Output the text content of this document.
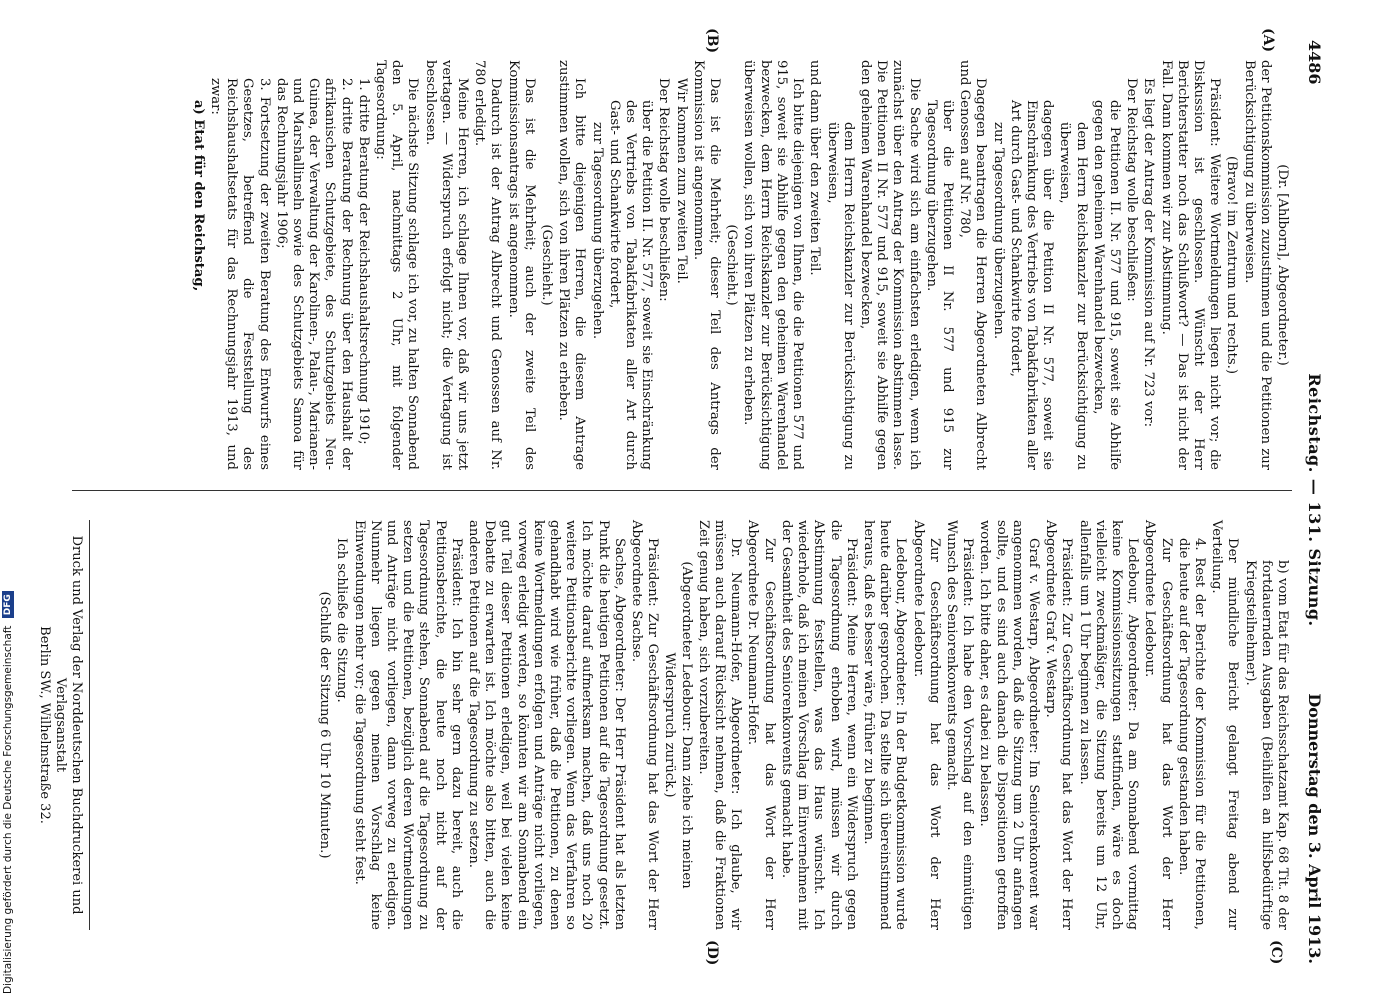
4486
Reichstag. — 131. Sitzung.
Donnerstag den 3. April 1913.
(A)
(B)
(C)
(D)

(Dr. [Ahlborn], Abgeordneter.)

der Petitionskommission zuzustimmen und die Petitionen zur Berücksichtigung zu überweisen.

(Bravo! im Zentrum und rechts.)

Präsident: Weitere Wortmeldungen liegen nicht vor; die Diskussion ist geschlossen. Wünscht der Herr Berichterstatter noch das Schlußwort? — Das ist nicht der Fall. Dann kommen wir zur Abstimmung.

Es liegt der Antrag der Kommission auf Nr. 723 vor:

Der Reichstag wolle beschließen:

die Petitionen II. Nr. 577 und 915, soweit sie Abhilfe gegen den geheimen Warenhandel bezwecken,

dem Herrn Reichskanzler zur Berücksichtigung zu überweisen,

dagegen über die Petition II Nr. 577, soweit sie Einschränkung des Vertriebs von Tabakfabrikaten aller Art durch Gast- und Schankwirte fordert,

zur Tagesordnung überzugehen.

Dagegen beantragen die Herren Abgeordneten Albrecht und Genossen auf Nr. 780,

über die Petitionen II Nr. 577 und 915 zur Tagesordnung überzugehen.

Die Sache wird sich am einfachsten erledigen, wenn ich zunächst über den Antrag der Kommission abstimmen lasse. Die Petitionen II Nr. 577 und 915, soweit sie Abhilfe gegen den geheimen Warenhandel bezwecken,

dem Herrn Reichskanzler zur Berücksichtigung zu überweisen,

und dann über den zweiten Teil.

Ich bitte diejenigen von Ihnen, die die Petitionen 577 und 915, soweit sie Abhilfe gegen den geheimen Warenhandel bezwecken, dem Herrn Reichskanzler zur Berücksichtigung überweisen wollen, sich von ihren Plätzen zu erheben.

(Geschieht.)

Das ist die Mehrheit; dieser Teil des Antrags der Kommission ist angenommen.

Wir kommen zum zweiten Teil.

Der Reichstag wolle beschließen:

über die Petition II. Nr. 577, soweit sie Einschränkung des Vertriebs von Tabakfabrikaten aller Art durch Gast- und Schankwirte fordert,

zur Tagesordnung überzugehen.

Ich bitte diejenigen Herren, die diesem Antrage zustimmen wollen, sich von ihren Plätzen zu erheben.

(Geschieht.)

Das ist die Mehrheit; auch der zweite Teil des Kommissionsantrags ist angenommen.

Dadurch ist der Antrag Albrecht und Genossen auf Nr. 780 erledigt.

Meine Herren, ich schlage Ihnen vor, daß wir uns jetzt vertagen. — Widerspruch erfolgt nicht; die Vertagung ist beschlossen.

Die nächste Sitzung schlage ich vor, zu halten Sonnabend den 5. April, nachmittags 2 Uhr, mit folgender Tagesordnung:

1. dritte Beratung der Reichshaushaltsrechnung 1910;

2. dritte Beratung der Rechnung über den Haushalt der afrikanischen Schutzgebiete, des Schutzgebiets Neu-Guinea, der Verwaltung der Karolinen-, Palau-, Marianen- und Marshallinseln sowie des Schutzgebiets Samoa für das Rechnungsjahr 1906;

3. Fortsetzung der zweiten Beratung des Entwurfs eines Gesetzes, betreffend die Feststellung des Reichshaushaltsetats für das Rechnungsjahr 1913, und zwar:

a) Etat für den Reichstag,

b) vom Etat für das Reichsschatzamt Kap. 68 Tit. 8 der fortdauernden Ausgaben (Beihilfen an hilfsbedürftige Kriegsteilnehmer).

Der mündliche Bericht gelangt Freitag abend zur Verteilung.

4. Rest der Berichte der Kommission für die Petitionen, die heute auf der Tagesordnung gestanden haben.

Zur Geschäftsordnung hat das Wort der Herr Abgeordnete Ledebour.

Ledebour, Abgeordneter: Da am Sonnabend vormittag keine Kommissionssitzungen stattfinden, wäre es doch vielleicht zweckmäßiger, die Sitzung bereits um 12 Uhr, allenfalls um 1 Uhr beginnen zu lassen.

Präsident: Zur Geschäftsordnung hat das Wort der Herr Abgeordnete Graf v. Westarp.

Graf v. Westarp, Abgeordneter: Im Seniorenkonvent war angenommen worden, daß die Sitzung um 2 Uhr anfangen sollte, und es sind auch danach die Dispositionen getroffen worden. Ich bitte daher, es dabei zu belassen.

Präsident: Ich habe den Vorschlag auf den einmütigen Wunsch des Seniorenkonvents gemacht.

Zur Geschäftsordnung hat das Wort der Herr Abgeordnete Ledebour.

Ledebour, Abgeordneter: In der Budgetkommission wurde heute darüber gesprochen. Da stellte sich übereinstimmend heraus, daß es besser wäre, früher zu beginnen.

Präsident: Meine Herren, wenn ein Widerspruch gegen die Tagesordnung erhoben wird, müssen wir durch Abstimmung feststellen, was das Haus wünscht. Ich wiederhole, daß ich meinen Vorschlag im Einvernehmen mit der Gesamtheit des Seniorenkonvents gemacht habe.

Zur Geschäftsordnung hat das Wort der Herr Abgeordnete Dr. Neumann-Hofer.

Dr. Neumann-Hofer, Abgeordneter: Ich glaube, wir müssen auch darauf Rücksicht nehmen, daß die Fraktionen Zeit genug haben, sich vorzubereiten.

(Abgeordneter Ledebour: Dann ziehe ich meinen Widerspruch zurück.)

Präsident: Zur Geschäftsordnung hat das Wort der Herr Abgeordnete Sachse.

Sachse, Abgeordneter: Der Herr Präsident hat als letzten Punkt die heutigen Petitionen auf die Tagesordnung gesetzt. Ich möchte darauf aufmerksam machen, daß uns noch 20 weitere Petitionsberichte vorliegen. Wenn das Verfahren so gehandhabt wird wie früher, daß die Petitionen, zu denen keine Wortmeldungen erfolgen und Anträge nicht vorliegen, vorweg erledigt werden, so könnten wir am Sonnabend ein gut Teil dieser Petitionen erledigen, weil bei vielen keine Debatte zu erwarten ist. Ich möchte also bitten, auch die anderen Petitionen auf die Tagesordnung zu setzen.

Präsident: Ich bin sehr gern dazu bereit, auch die Petitionsberichte, die heute noch nicht auf der Tagesordnung stehen, Sonnabend auf die Tagesordnung zu setzen und die Petitionen, bezüglich deren Wortmeldungen und Anträge nicht vorliegen, dann vorweg zu erledigen. Nunmehr liegen gegen meinen Vorschlag keine Einwendungen mehr vor; die Tagesordnung steht fest.

Ich schließe die Sitzung.

(Schluß der Sitzung 6 Uhr 10 Minuten.)

Druck und Verlag der Norddeutschen Buchdruckerei und Verlagsanstalt
Berlin SW., Wilhelmstraße 32.
Digitalisierung gefördert durch die Deutsche Forschungsgemeinschaft DFG
